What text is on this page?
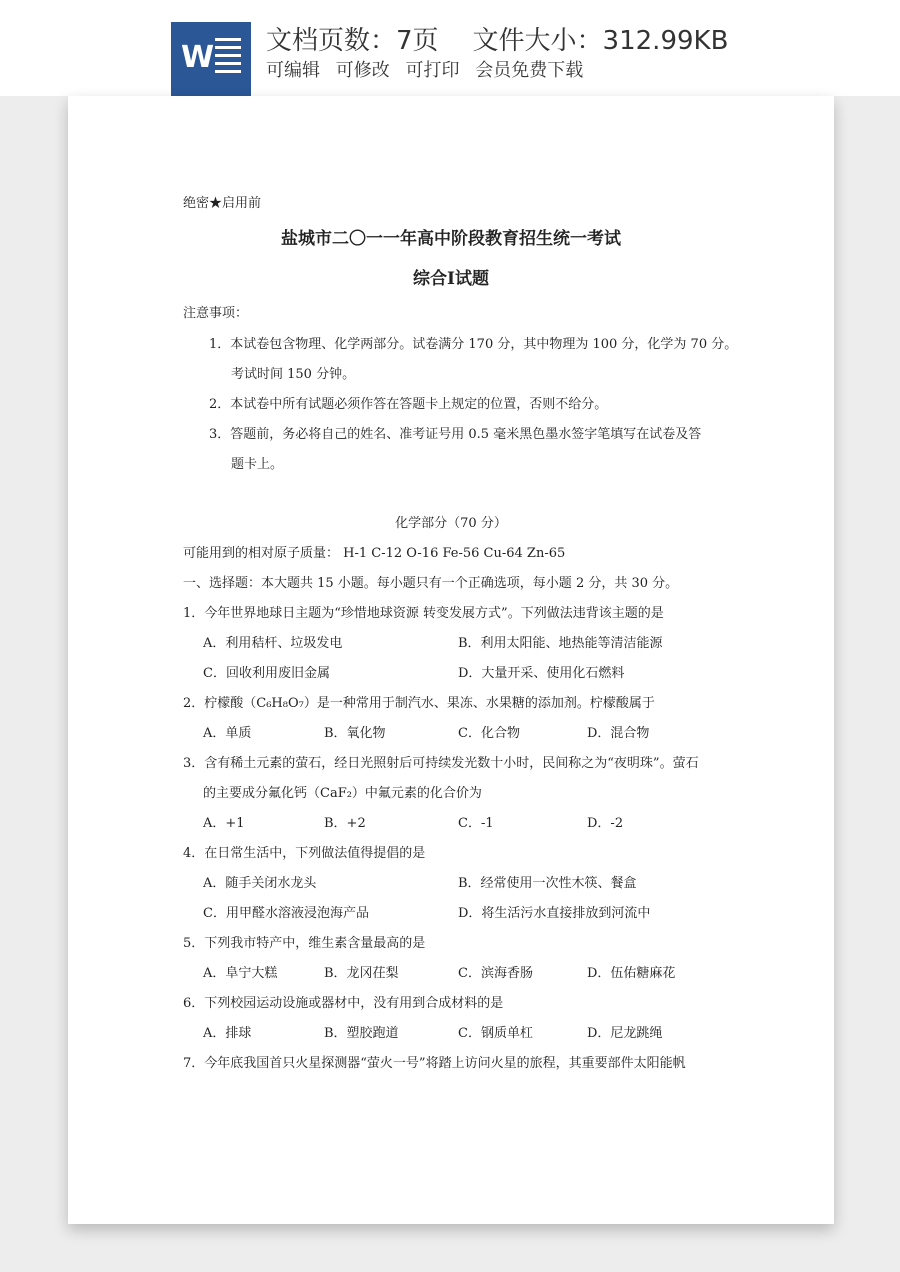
W 文档页数：7页 文件大小：312.99KB
可编辑 可修改 可打印 会员免费下载
绝密★启用前
盐城市二〇一一年高中阶段教育招生统一考试
综合Ⅰ试题
注意事项：
1．本试卷包含物理、化学两部分。试卷满分 170 分，其中物理为 100 分，化学为 70 分。
考试时间 150 分钟。
2．本试卷中所有试题必须作答在答题卡上规定的位置，否则不给分。
3．答题前，务必将自己的姓名、准考证号用 0.5 毫米黑色墨水签字笔填写在试卷及答
题卡上。
化学部分（70 分）
可能用到的相对原子质量： H-1 C-12 O-16 Fe-56 Cu-64 Zn-65
一、选择题：本大题共 15 小题。每小题只有一个正确选项，每小题 2 分，共 30 分。
1．今年世界地球日主题为“珍惜地球资源 转变发展方式”。下列做法违背该主题的是
A．利用秸杆、垃圾发电	B．利用太阳能、地热能等清洁能源
C．回收利用废旧金属	D．大量开采、使用化石燃料
2．柠檬酸（C₆H₈O₇）是一种常用于制汽水、果冻、水果糖的添加剂。柠檬酸属于
A．单质	B．氧化物	C．化合物	D．混合物
3．含有稀土元素的萤石，经日光照射后可持续发光数十小时，民间称之为“夜明珠”。萤石
的主要成分氟化钙（CaF₂）中氟元素的化合价为
A．+1	B．+2	C．-1	D．-2
4．在日常生活中，下列做法值得提倡的是
A．随手关闭水龙头	B．经常使用一次性木筷、餐盒
C．用甲醛水溶液浸泡海产品	D．将生活污水直接排放到河流中
5．下列我市特产中，维生素含量最高的是
A．阜宁大糕	B．龙冈茌梨	C．滨海香肠	D．伍佑糖麻花
6．下列校园运动设施或器材中，没有用到合成材料的是
A．排球	B．塑胶跑道	C．钢质单杠	D．尼龙跳绳
7．今年底我国首只火星探测器“萤火一号”将踏上访问火星的旅程，其重要部件太阳能帆
